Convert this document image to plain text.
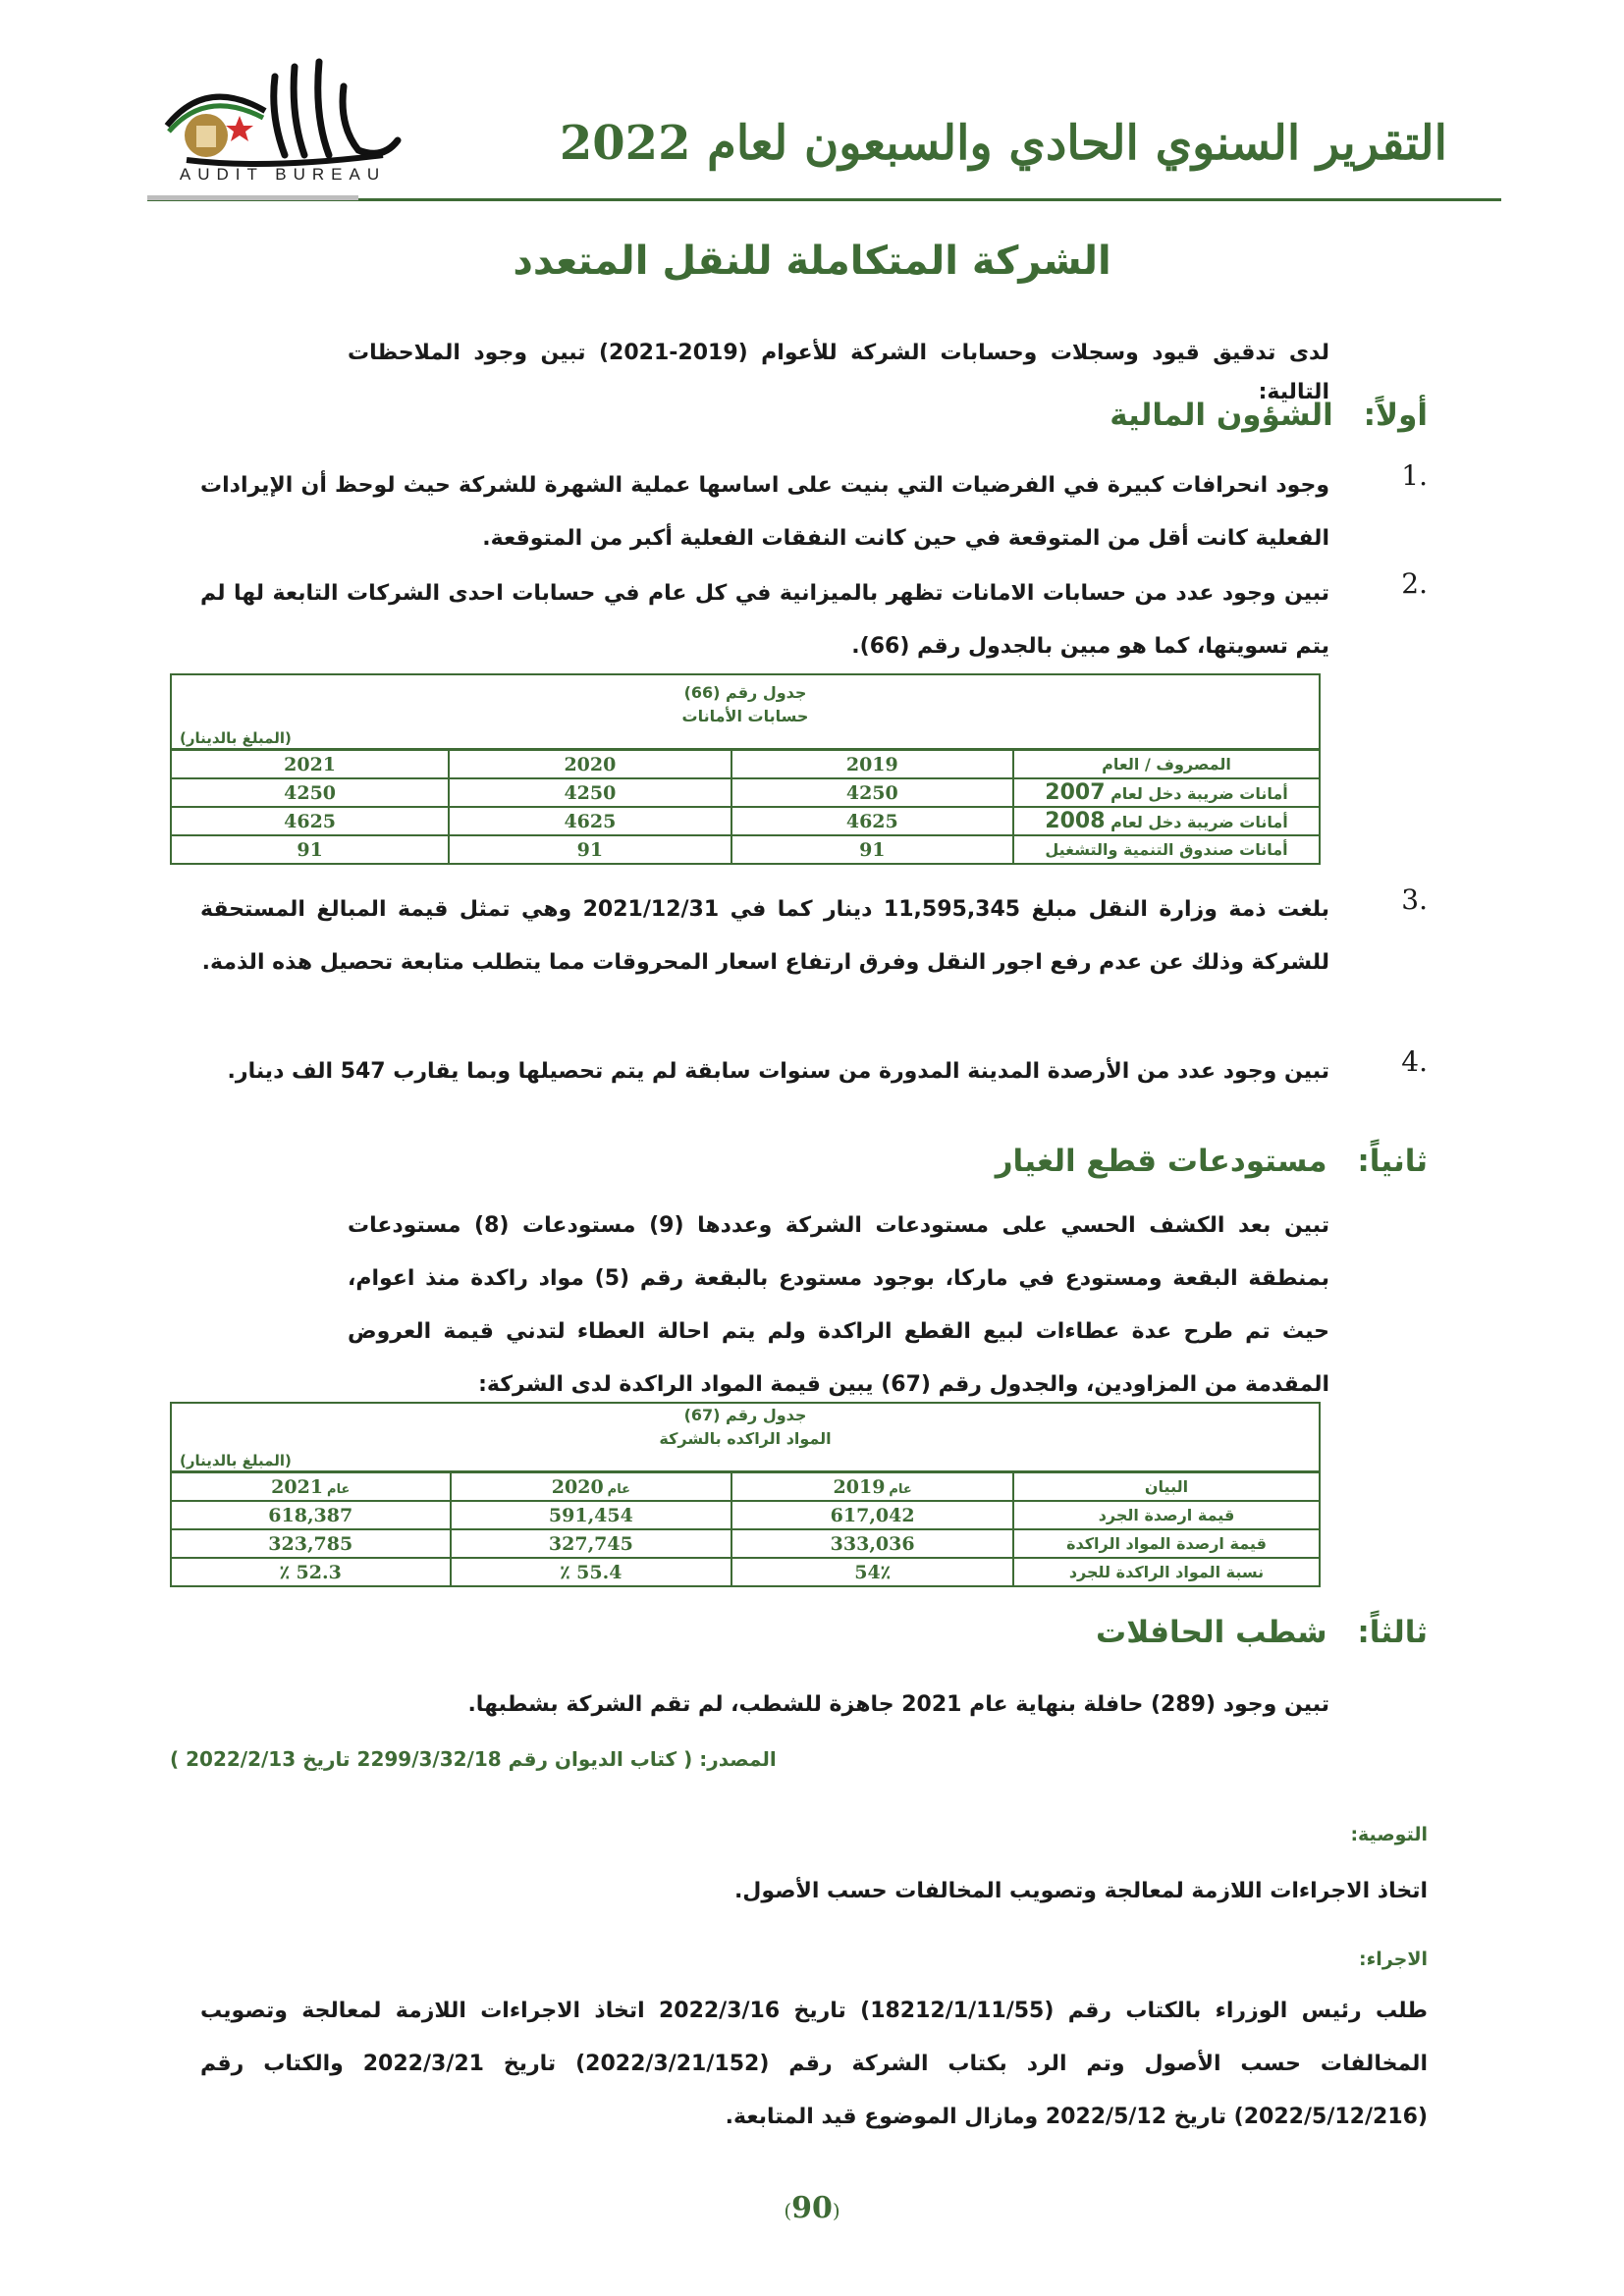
التقرير السنوي الحادي والسبعون لعام 2022
AUDIT BUREAU
الشركة المتكاملة للنقل المتعدد
لدى تدقيق قيود وسجلات وحسابات الشركة للأعوام (2019-2021) تبين وجود الملاحظات التالية:
أولاً: الشؤون المالية
.1
وجود انحرافات كبيرة في الفرضيات التي بنيت على اساسها عملية الشهرة للشركة حيث لوحظ أن الإيرادات الفعلية كانت أقل من المتوقعة في حين كانت النفقات الفعلية أكبر من المتوقعة.
.2
تبين وجود عدد من حسابات الامانات تظهر بالميزانية في كل عام في حسابات احدى الشركات التابعة لها لم يتم تسويتها، كما هو مبين بالجدول رقم (66).
جدول رقم (66)
حسابات الأمانات
(المبلغ بالدينار)
المصروف / العام	2019	2020	2021
أمانات ضريبة دخل لعام 2007	4250	4250	4250
أمانات ضريبة دخل لعام 2008	4625	4625	4625
أمانات صندوق التنمية والتشغيل	91	91	91
.3
بلغت ذمة وزارة النقل مبلغ 11,595,345 دينار كما في 2021/12/31 وهي تمثل قيمة المبالغ المستحقة للشركة وذلك عن عدم رفع اجور النقل وفرق ارتفاع اسعار المحروقات مما يتطلب متابعة تحصيل هذه الذمة.
.4
تبين وجود عدد من الأرصدة المدينة المدورة من سنوات سابقة لم يتم تحصيلها وبما يقارب 547 الف دينار.
ثانياً: مستودعات قطع الغيار
تبين بعد الكشف الحسي على مستودعات الشركة وعددها (9) مستودعات (8) مستودعات بمنطقة البقعة ومستودع في ماركا، بوجود مستودع بالبقعة رقم (5) مواد راكدة منذ اعوام، حيث تم طرح عدة عطاءات لبيع القطع الراكدة ولم يتم احالة العطاء لتدني قيمة العروض المقدمة من المزاودين، والجدول رقم (67) يبين قيمة المواد الراكدة لدى الشركة:
جدول رقم (67)
المواد الراكده بالشركة
(المبلغ بالدينار)
البيان	عام2019	عام2020	عام2021
قيمة ارصدة الجرد	617,042	591,454	618,387
قيمة ارصدة المواد الراكدة	333,036	327,745	323,785
نسبة المواد الراكدة للجرد	54٪	55.4 ٪	52.3 ٪
ثالثاً: شطب الحافلات
تبين وجود (289) حافلة بنهاية عام 2021 جاهزة للشطب، لم تقم الشركة بشطبها.
المصدر: ( كتاب الديوان رقم 2299/3/32/18 تاريخ 2022/2/13 )
التوصية:
اتخاذ الاجراءات اللازمة لمعالجة وتصويب المخالفات حسب الأصول.
الاجراء:
طلب رئيس الوزراء بالكتاب رقم (18212/1/11/55) تاريخ 2022/3/16 اتخاذ الاجراءات اللازمة لمعالجة وتصويب المخالفات حسب الأصول وتم الرد بكتاب الشركة رقم (2022/3/21/152) تاريخ 2022/3/21 والكتاب رقم (2022/5/12/216) تاريخ 2022/5/12 ومازال الموضوع قيد المتابعة.
(90)
